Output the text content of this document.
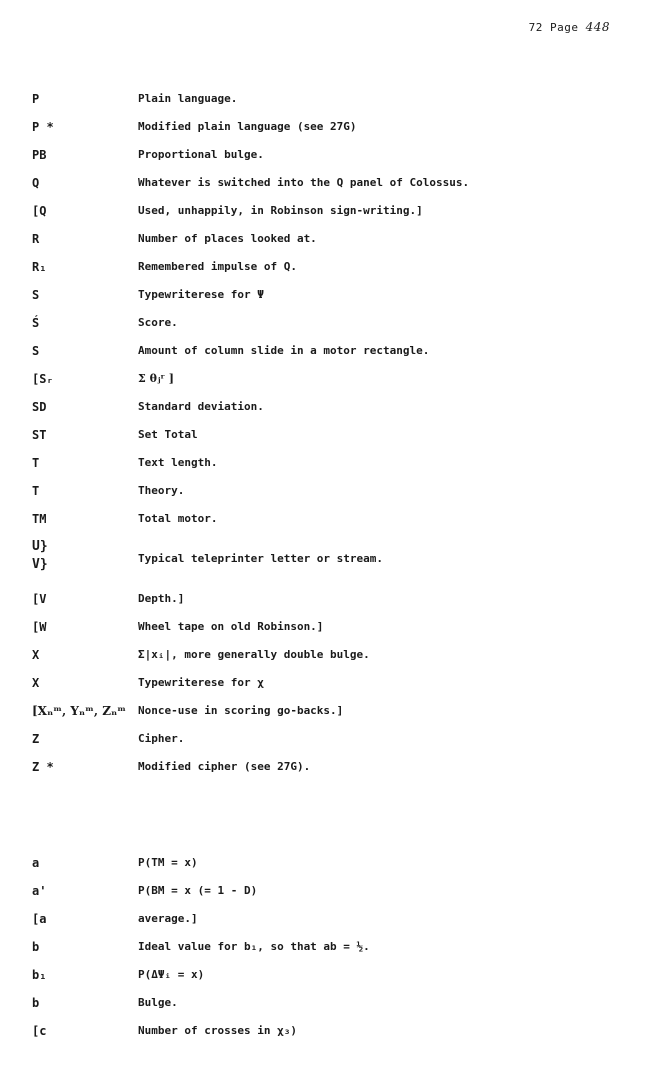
72 Page 448
P	Plain language.
P *	Modified plain language (see 27G)
PB	Proportional bulge.
Q	Whatever is switched into the Q panel of Colossus.
[Q	Used, unhappily, in Robinson sign-writing.]
R	Number of places looked at.
R₁	Remembered impulse of Q.
S	Typewriterese for Ψ
Ś	Score.
S	Amount of column slide in a motor rectangle.
[Sᵣ	Σ θⱼʳ ]
SD	Standard deviation.
ST	Set Total
T	Text length.
T	Theory.
TM	Total motor.
U}
V}	Typical teleprinter letter or stream.
[V	Depth.]
[W	Wheel tape on old Robinson.]
X	Σ|xᵢ|, more generally double bulge.
X	Typewriterese for χ
[Xₙᵐ, Yₙᵐ, Zₙᵐ	Nonce-use in scoring go-backs.]
Z	Cipher.
Z *	Modified cipher (see 27G).
a	P(TM = x)
a'	P(BM = x (= 1 - D)
[a	average.]
b	Ideal value for b₁, so that ab = ½.
b₁	P(ΔΨᵢ = x)
b	Bulge.
[c	Number of crosses in χ₃)
